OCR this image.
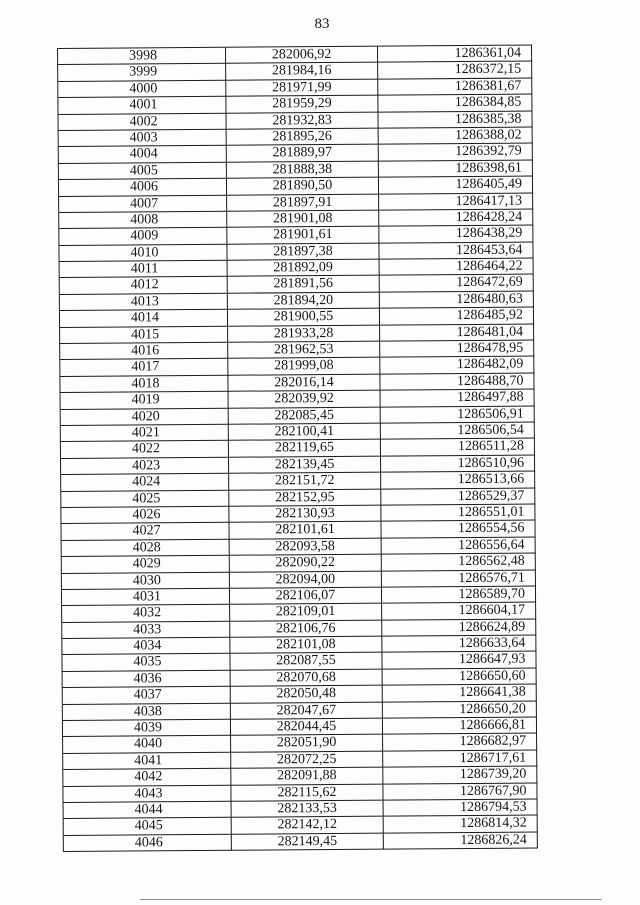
83
3998	282006,92	1286361,04
3999	281984,16	1286372,15
4000	281971,99	1286381,67
4001	281959,29	1286384,85
4002	281932,83	1286385,38
4003	281895,26	1286388,02
4004	281889,97	1286392,79
4005	281888,38	1286398,61
4006	281890,50	1286405,49
4007	281897,91	1286417,13
4008	281901,08	1286428,24
4009	281901,61	1286438,29
4010	281897,38	1286453,64
4011	281892,09	1286464,22
4012	281891,56	1286472,69
4013	281894,20	1286480,63
4014	281900,55	1286485,92
4015	281933,28	1286481,04
4016	281962,53	1286478,95
4017	281999,08	1286482,09
4018	282016,14	1286488,70
4019	282039,92	1286497,88
4020	282085,45	1286506,91
4021	282100,41	1286506,54
4022	282119,65	1286511,28
4023	282139,45	1286510,96
4024	282151,72	1286513,66
4025	282152,95	1286529,37
4026	282130,93	1286551,01
4027	282101,61	1286554,56
4028	282093,58	1286556,64
4029	282090,22	1286562,48
4030	282094,00	1286576,71
4031	282106,07	1286589,70
4032	282109,01	1286604,17
4033	282106,76	1286624,89
4034	282101,08	1286633,64
4035	282087,55	1286647,93
4036	282070,68	1286650,60
4037	282050,48	1286641,38
4038	282047,67	1286650,20
4039	282044,45	1286666,81
4040	282051,90	1286682,97
4041	282072,25	1286717,61
4042	282091,88	1286739,20
4043	282115,62	1286767,90
4044	282133,53	1286794,53
4045	282142,12	1286814,32
4046	282149,45	1286826,24
